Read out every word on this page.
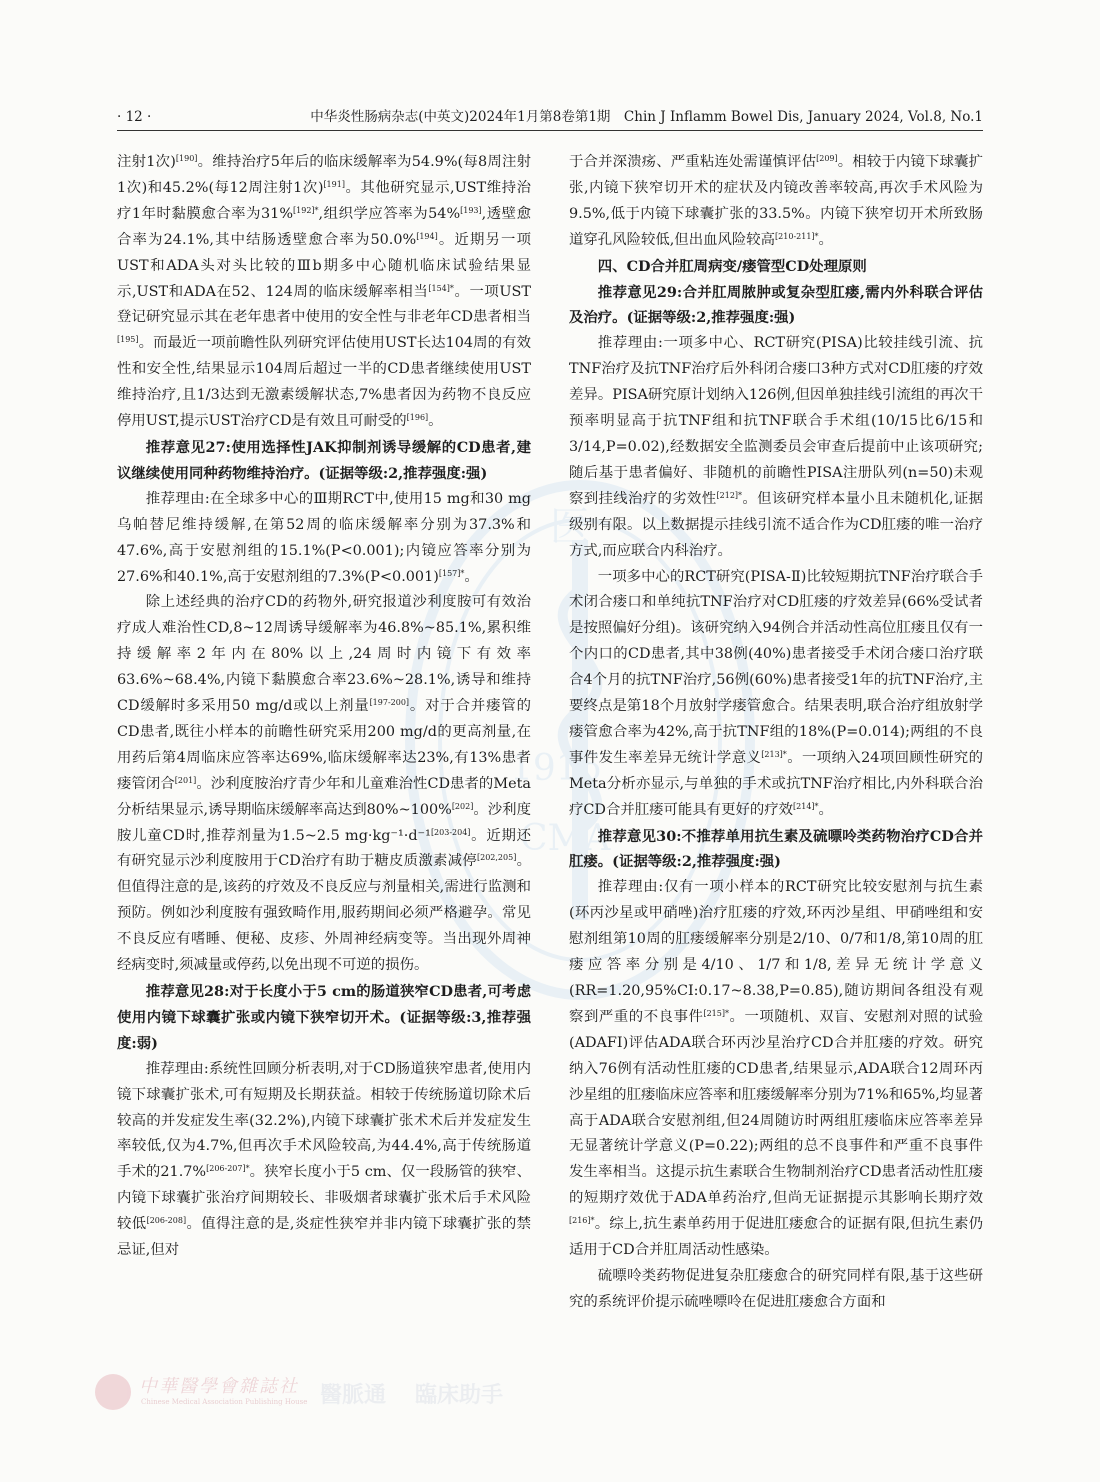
· 12 ·	中华炎性肠病杂志(中英文)2024年1月第8卷第1期　Chin J Inflamm Bowel Dis, January 2024, Vol.8, No.1
医
1916
CMA

注射1次)[190]。维持治疗5年后的临床缓解率为54.9%(每8周注射1次)和45.2%(每12周注射1次)[191]。其他研究显示,UST维持治疗1年时黏膜愈合率为31%$^{[192]*}$,组织学应答率为54%[193],透壁愈合率为24.1%,其中结肠透壁愈合率为50.0%[194]。近期另一项UST和ADA头对头比较的Ⅲb期多中心随机临床试验结果显示,UST和ADA在52、124周的临床缓解率相当$^{[154]*}$。一项UST登记研究显示其在老年患者中使用的安全性与非老年CD患者相当[195]。而最近一项前瞻性队列研究评估使用UST长达104周的有效性和安全性,结果显示104周后超过一半的CD患者继续使用UST维持治疗,且1/3达到无激素缓解状态,7%患者因为药物不良反应停用UST,提示UST治疗CD是有效且可耐受的[196]。

推荐意见27:使用选择性JAK抑制剂诱导缓解的CD患者,建议继续使用同种药物维持治疗。(证据等级:2,推荐强度:强)

推荐理由:在全球多中心的Ⅲ期RCT中,使用15 mg和30 mg乌帕替尼维持缓解,在第52周的临床缓解率分别为37.3%和47.6%,高于安慰剂组的15.1%(P<0.001);内镜应答率分别为27.6%和40.1%,高于安慰剂组的7.3%(P<0.001)$^{[157]*}$。

除上述经典的治疗CD的药物外,研究报道沙利度胺可有效治疗成人难治性CD,8~12周诱导缓解率为46.8%~85.1%,累积维持缓解率2年内在80%以上,24周时内镜下有效率63.6%~68.4%,内镜下黏膜愈合率23.6%~28.1%,诱导和维持CD缓解时多采用50 mg/d或以上剂量[197-200]。对于合并瘘管的CD患者,既往小样本的前瞻性研究采用200 mg/d的更高剂量,在用药后第4周临床应答率达69%,临床缓解率达23%,有13%患者瘘管闭合[201]。沙利度胺治疗青少年和儿童难治性CD患者的Meta分析结果显示,诱导期临床缓解率高达到80%~100%[202]。沙利度胺儿童CD时,推荐剂量为1.5~2.5 mg·kg⁻¹·d⁻¹[203-204]。近期还有研究显示沙利度胺用于CD治疗有助于糖皮质激素减停[202,205]。但值得注意的是,该药的疗效及不良反应与剂量相关,需进行监测和预防。例如沙利度胺有强致畸作用,服药期间必须严格避孕。常见不良反应有嗜睡、便秘、皮疹、外周神经病变等。当出现外周神经病变时,须减量或停药,以免出现不可逆的损伤。

推荐意见28:对于长度小于5 cm的肠道狭窄CD患者,可考虑使用内镜下球囊扩张或内镜下狭窄切开术。(证据等级:3,推荐强度:弱)

推荐理由:系统性回顾分析表明,对于CD肠道狭窄患者,使用内镜下球囊扩张术,可有短期及长期获益。相较于传统肠道切除术后较高的并发症发生率(32.2%),内镜下球囊扩张术术后并发症发生率较低,仅为4.7%,但再次手术风险较高,为44.4%,高于传统肠道手术的21.7%$^{[206-207]*}$。狭窄长度小于5 cm、仅一段肠管的狭窄、内镜下球囊扩张治疗间期较长、非吸烟者球囊扩张术后手术风险较低[206-208]。值得注意的是,炎症性狭窄并非内镜下球囊扩张的禁忌证,但对

于合并深溃疡、严重粘连处需谨慎评估[209]。相较于内镜下球囊扩张,内镜下狭窄切开术的症状及内镜改善率较高,再次手术风险为9.5%,低于内镜下球囊扩张的33.5%。内镜下狭窄切开术所致肠道穿孔风险较低,但出血风险较高$^{[210-211]*}$。

四、CD合并肛周病变/瘘管型CD处理原则

推荐意见29:合并肛周脓肿或复杂型肛瘘,需内外科联合评估及治疗。(证据等级:2,推荐强度:强)

推荐理由:一项多中心、RCT研究(PISA)比较挂线引流、抗TNF治疗及抗TNF治疗后外科闭合瘘口3种方式对CD肛瘘的疗效差异。PISA研究原计划纳入126例,但因单独挂线引流组的再次干预率明显高于抗TNF组和抗TNF联合手术组(10/15比6/15和3/14,P=0.02),经数据安全监测委员会审查后提前中止该项研究;随后基于患者偏好、非随机的前瞻性PISA注册队列(n=50)未观察到挂线治疗的劣效性$^{[212]*}$。但该研究样本量小且未随机化,证据级别有限。以上数据提示挂线引流不适合作为CD肛瘘的唯一治疗方式,而应联合内科治疗。

一项多中心的RCT研究(PISA-Ⅱ)比较短期抗TNF治疗联合手术闭合瘘口和单纯抗TNF治疗对CD肛瘘的疗效差异(66%受试者是按照偏好分组)。该研究纳入94例合并活动性高位肛瘘且仅有一个内口的CD患者,其中38例(40%)患者接受手术闭合瘘口治疗联合4个月的抗TNF治疗,56例(60%)患者接受1年的抗TNF治疗,主要终点是第18个月放射学瘘管愈合。结果表明,联合治疗组放射学瘘管愈合率为42%,高于抗TNF组的18%(P=0.014);两组的不良事件发生率差异无统计学意义$^{[213]*}$。一项纳入24项回顾性研究的Meta分析亦显示,与单独的手术或抗TNF治疗相比,内外科联合治疗CD合并肛瘘可能具有更好的疗效$^{[214]*}$。

推荐意见30:不推荐单用抗生素及硫嘌呤类药物治疗CD合并肛瘘。(证据等级:2,推荐强度:强)

推荐理由:仅有一项小样本的RCT研究比较安慰剂与抗生素(环丙沙星或甲硝唑)治疗肛瘘的疗效,环丙沙星组、甲硝唑组和安慰剂组第10周的肛瘘缓解率分别是2/10、0/7和1/8,第10周的肛瘘应答率分别是4/10、1/7和1/8,差异无统计学意义(RR=1.20,95%CI:0.17~8.38,P=0.85),随访期间各组没有观察到严重的不良事件$^{[215]*}$。一项随机、双盲、安慰剂对照的试验(ADAFI)评估ADA联合环丙沙星治疗CD合并肛瘘的疗效。研究纳入76例有活动性肛瘘的CD患者,结果显示,ADA联合12周环丙沙星组的肛瘘临床应答率和肛瘘缓解率分别为71%和65%,均显著高于ADA联合安慰剂组,但24周随访时两组肛瘘临床应答率差异无显著统计学意义(P=0.22);两组的总不良事件和严重不良事件发生率相当。这提示抗生素联合生物制剂治疗CD患者活动性肛瘘的短期疗效优于ADA单药治疗,但尚无证据提示其影响长期疗效$^{[216]*}$。综上,抗生素单药用于促进肛瘘愈合的证据有限,但抗生素仍适用于CD合并肛周活动性感染。

硫嘌呤类药物促进复杂肛瘘愈合的研究同样有限,基于这些研究的系统评价提示硫唑嘌呤在促进肛瘘愈合方面和

中華醫學會雜誌社
Chinese Medical Association Publishing House 醫脈通 臨床助手
